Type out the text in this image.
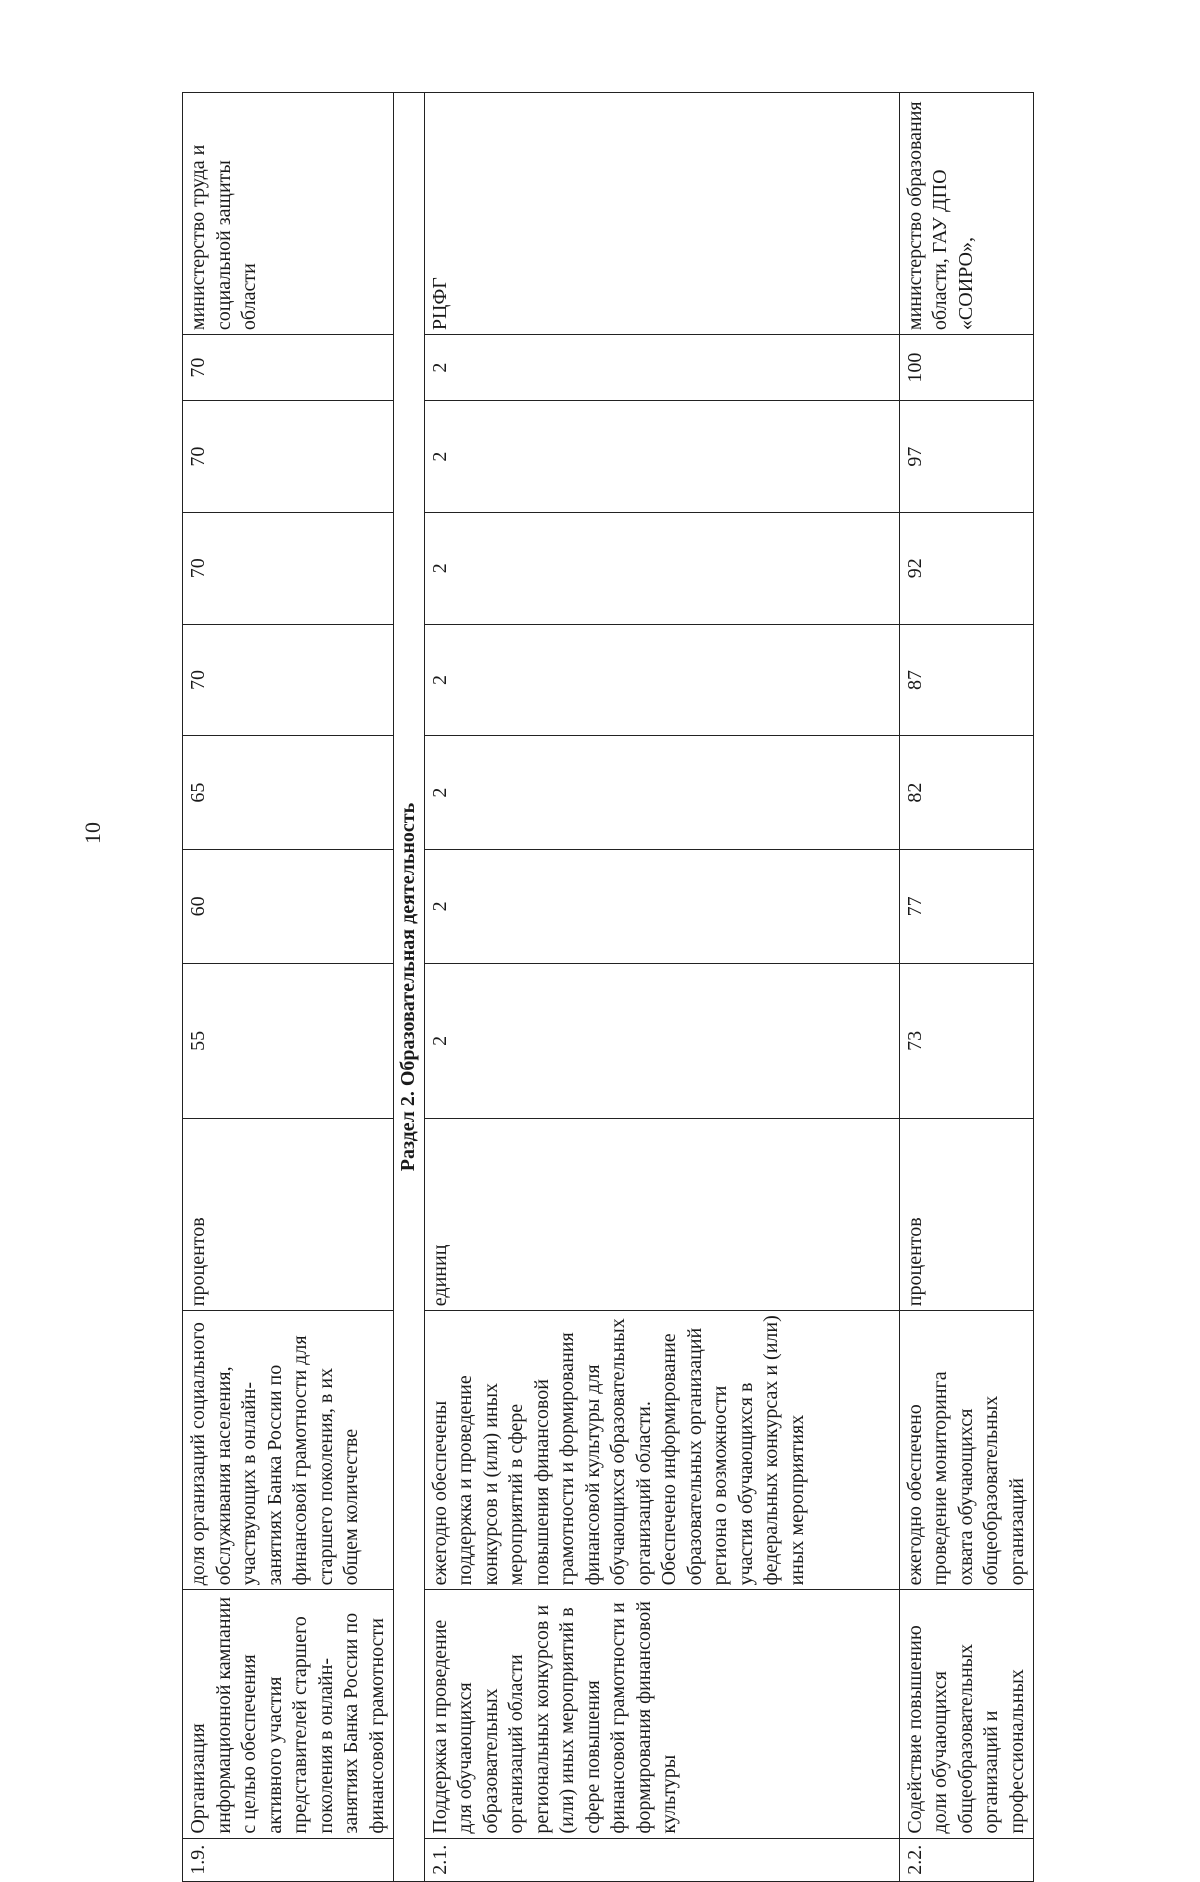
10
1.9.	Организация информационной кампании с целью обеспечения активного участия представителей старшего поколения в онлайн-занятиях Банка России по финансовой грамотности	доля организаций социального обслуживания населения, участвующих в онлайн-занятиях Банка России по финансовой грамотности для старшего поколения, в их общем количестве	процентов	55	60	65	70	70	70	70	министерство труда и социальной защиты области
Раздел 2. Образовательная деятельность											
2.1.	Поддержка и проведение для обучающихся образовательных организаций области региональных конкурсов и (или) иных мероприятий в сфере повышения финансовой грамотности и формирования финансовой культуры	ежегодно обеспечены поддержка и проведение конкурсов и (или) иных мероприятий в сфере повышения финансовой грамотности и формирования финансовой культуры для обучающихся образовательных организаций области. Обеспечено информирование образовательных организаций региона о возможности участия обучающихся в федеральных конкурсах и (или) иных мероприятиях	единиц	2	2	2	2	2	2	2	РЦФГ
2.2.	Содействие повышению доли обучающихся общеобразовательных организаций и профессиональных	ежегодно обеспечено проведение мониторинга охвата обучающихся общеобразовательных организаций	процентов	73	77	82	87	92	97	100	министерство образования области, ГАУ ДПО «СОИРО»,
